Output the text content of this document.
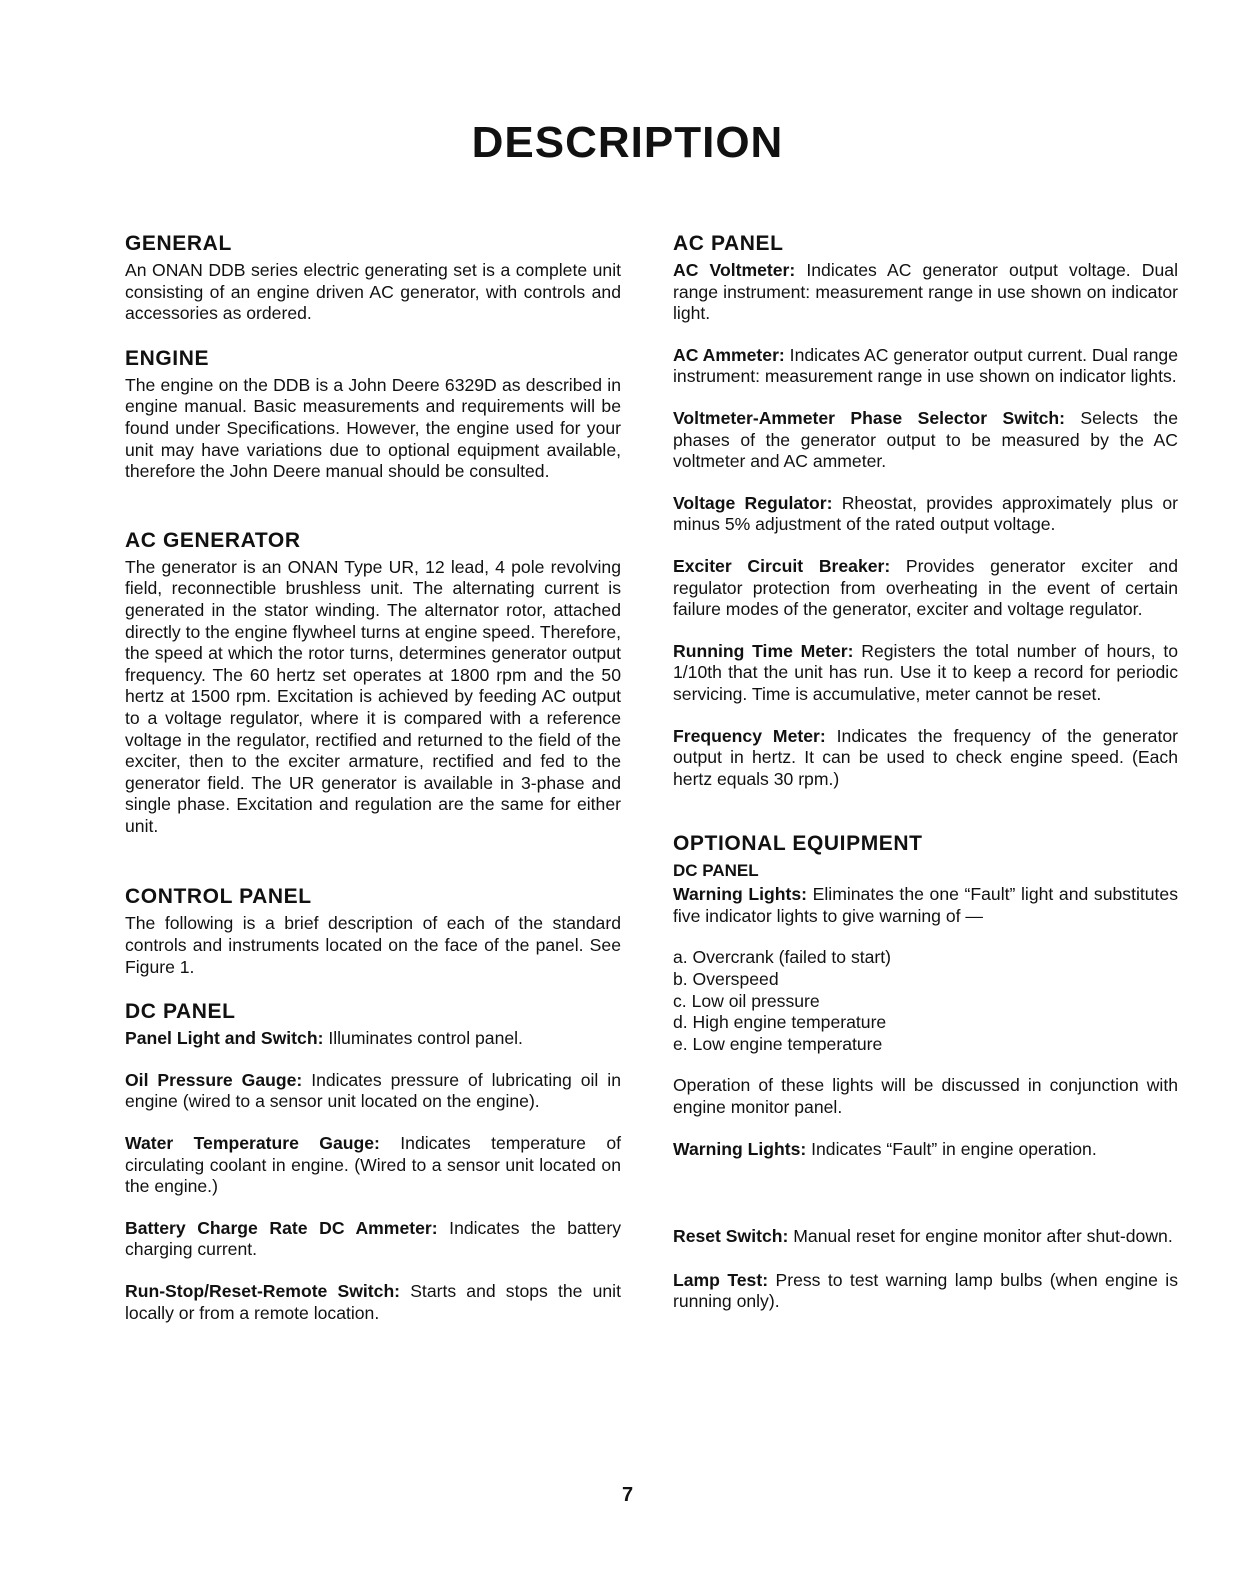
DESCRIPTION
GENERAL

An ONAN DDB series electric generating set is a complete unit consisting of an engine driven AC generator, with controls and accessories as ordered.

ENGINE

The engine on the DDB is a John Deere 6329D as described in engine manual. Basic measurements and requirements will be found under Specifications. However, the engine used for your unit may have variations due to optional equipment available, therefore the John Deere manual should be consulted.

AC GENERATOR

The generator is an ONAN Type UR, 12 lead, 4 pole revolving field, reconnectible brushless unit. The alternating current is generated in the stator winding. The alternator rotor, attached directly to the engine flywheel turns at engine speed. Therefore, the speed at which the rotor turns, determines generator output frequency. The 60 hertz set operates at 1800 rpm and the 50 hertz at 1500 rpm. Excitation is achieved by feeding AC output to a voltage regulator, where it is compared with a reference voltage in the regulator, rectified and returned to the field of the exciter, then to the exciter armature, rectified and fed to the generator field. The UR generator is available in 3-phase and single phase. Excitation and regulation are the same for either unit.

CONTROL PANEL

The following is a brief description of each of the standard controls and instruments located on the face of the panel. See Figure 1.

DC PANEL

Panel Light and Switch: Illuminates control panel.

Oil Pressure Gauge: Indicates pressure of lubricating oil in engine (wired to a sensor unit located on the engine).

Water Temperature Gauge: Indicates temperature of circulating coolant in engine. (Wired to a sensor unit located on the engine.)

Battery Charge Rate DC Ammeter: Indicates the battery charging current.

Run-Stop/Reset-Remote Switch: Starts and stops the unit locally or from a remote location.

AC PANEL

AC Voltmeter: Indicates AC generator output voltage. Dual range instrument: measurement range in use shown on indicator light.

AC Ammeter: Indicates AC generator output current. Dual range instrument: measurement range in use shown on indicator lights.

Voltmeter-Ammeter Phase Selector Switch: Selects the phases of the generator output to be measured by the AC voltmeter and AC ammeter.

Voltage Regulator: Rheostat, provides approximately plus or minus 5% adjustment of the rated output voltage.

Exciter Circuit Breaker: Provides generator exciter and regulator protection from overheating in the event of certain failure modes of the generator, exciter and voltage regulator.

Running Time Meter: Registers the total number of hours, to 1/10th that the unit has run. Use it to keep a record for periodic servicing. Time is accumulative, meter cannot be reset.

Frequency Meter: Indicates the frequency of the generator output in hertz. It can be used to check engine speed. (Each hertz equals 30 rpm.)

OPTIONAL EQUIPMENT
DC PANEL

Warning Lights: Eliminates the one “Fault” light and substitutes five indicator lights to give warning of —

a. Overcrank (failed to start)
b. Overspeed
c. Low oil pressure
d. High engine temperature
e. Low engine temperature

Operation of these lights will be discussed in conjunction with engine monitor panel.

Warning Lights: Indicates “Fault” in engine operation.

Reset Switch: Manual reset for engine monitor after shut-down.

Lamp Test: Press to test warning lamp bulbs (when engine is running only).

7
